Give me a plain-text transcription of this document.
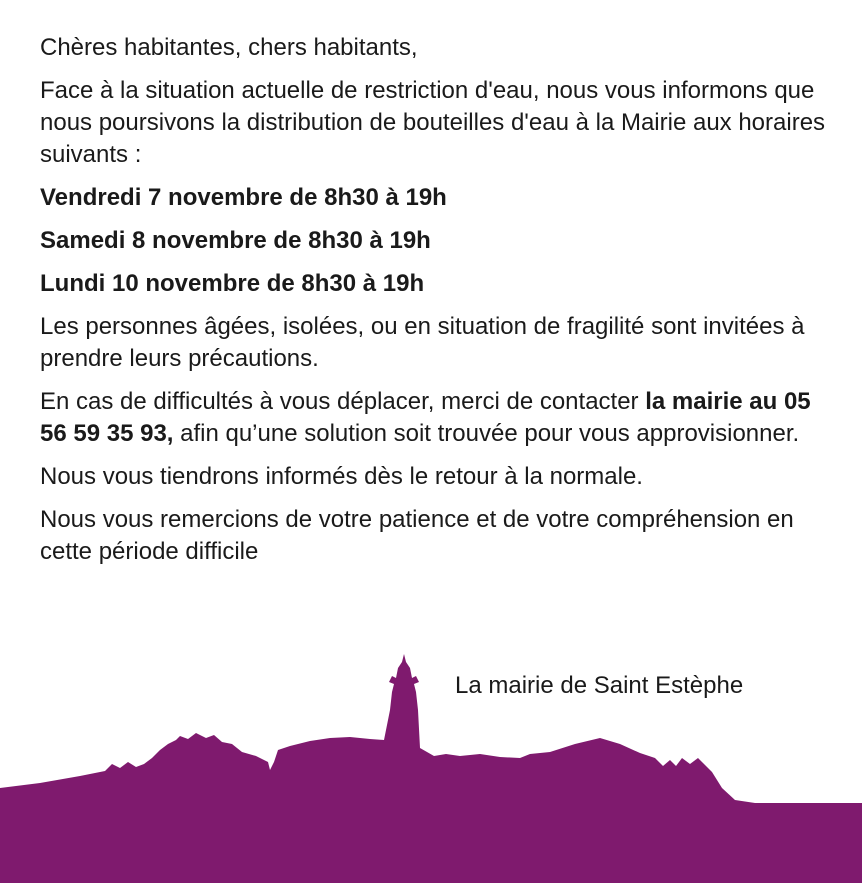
Chères habitantes, chers habitants,

Face à la situation actuelle de restriction d'eau, nous vous informons que nous poursivons la distribution de bouteilles d'eau à la Mairie aux horaires suivants :

Vendredi 7 novembre de 8h30 à 19h

Samedi 8 novembre de 8h30 à 19h

Lundi 10 novembre de 8h30 à 19h

Les personnes âgées, isolées, ou en situation de fragilité sont invitées à prendre leurs précautions.

En cas de difficultés à vous déplacer, merci de contacter la mairie au 05 56 59 35 93, afin qu’une solution soit trouvée pour vous approvisionner.

Nous vous tiendrons informés dès le retour à la normale.

Nous vous remercions de votre patience et de votre compréhension en cette période difficile

La mairie de Saint Estèphe
